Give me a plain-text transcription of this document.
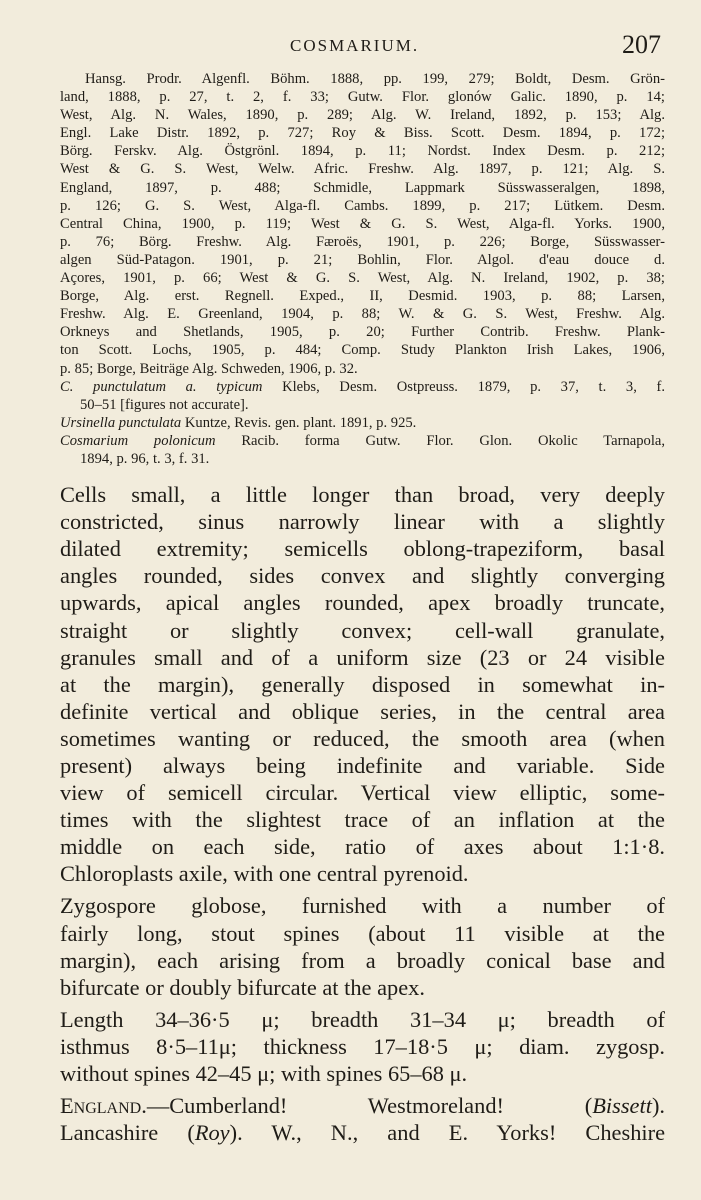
COSMARIUM.	207
Hansg. Prodr. Algenfl. Böhm. 1888, pp. 199, 279; Boldt, Desm. Grön-
land, 1888, p. 27, t. 2, f. 33; Gutw. Flor. glonów Galic. 1890, p. 14;
West, Alg. N. Wales, 1890, p. 289; Alg. W. Ireland, 1892, p. 153; Alg.
Engl. Lake Distr. 1892, p. 727; Roy & Biss. Scott. Desm. 1894, p. 172;
Börg. Ferskv. Alg. Östgrönl. 1894, p. 11; Nordst. Index Desm. p. 212;
West & G. S. West, Welw. Afric. Freshw. Alg. 1897, p. 121; Alg. S.
England, 1897, p. 488; Schmidle, Lappmark Süsswasseralgen, 1898,
p. 126; G. S. West, Alga-fl. Cambs. 1899, p. 217; Lütkem. Desm.
Central China, 1900, p. 119; West & G. S. West, Alga-fl. Yorks. 1900,
p. 76; Börg. Freshw. Alg. Færoës, 1901, p. 226; Borge, Süsswasser-
algen Süd-Patagon. 1901, p. 21; Bohlin, Flor. Algol. d'eau douce d.
Açores, 1901, p. 66; West & G. S. West, Alg. N. Ireland, 1902, p. 38;
Borge, Alg. erst. Regnell. Exped., II, Desmid. 1903, p. 88; Larsen,
Freshw. Alg. E. Greenland, 1904, p. 88; W. & G. S. West, Freshw. Alg.
Orkneys and Shetlands, 1905, p. 20; Further Contrib. Freshw. Plank-
ton Scott. Lochs, 1905, p. 484; Comp. Study Plankton Irish Lakes, 1906,
p. 85; Borge, Beiträge Alg. Schweden, 1906, p. 32.
C. punctulatum a. typicum Klebs, Desm. Ostpreuss. 1879, p. 37, t. 3, f.
50–51 [figures not accurate].
Ursinella punctulata Kuntze, Revis. gen. plant. 1891, p. 925.
Cosmarium polonicum Racib. forma Gutw. Flor. Glon. Okolic Tarnapola,
1894, p. 96, t. 3, f. 31.
Cells small, a little longer than broad, very deeply
constricted, sinus narrowly linear with a slightly
dilated extremity; semicells oblong-trapeziform, basal
angles rounded, sides convex and slightly converging
upwards, apical angles rounded, apex broadly truncate,
straight or slightly convex; cell-wall granulate,
granules small and of a uniform size (23 or 24 visible
at the margin), generally disposed in somewhat in-
definite vertical and oblique series, in the central area
sometimes wanting or reduced, the smooth area (when
present) always being indefinite and variable. Side
view of semicell circular. Vertical view elliptic, some-
times with the slightest trace of an inflation at the
middle on each side, ratio of axes about 1:1·8.
Chloroplasts axile, with one central pyrenoid.
Zygospore globose, furnished with a number of
fairly long, stout spines (about 11 visible at the
margin), each arising from a broadly conical base and
bifurcate or doubly bifurcate at the apex.
Length 34–36·5 μ; breadth 31–34 μ; breadth of
isthmus 8·5–11μ; thickness 17–18·5 μ; diam. zygosp.
without spines 42–45 μ; with spines 65–68 μ.
England.—Cumberland! Westmoreland! (Bissett).
Lancashire (Roy). W., N., and E. Yorks! Cheshire
